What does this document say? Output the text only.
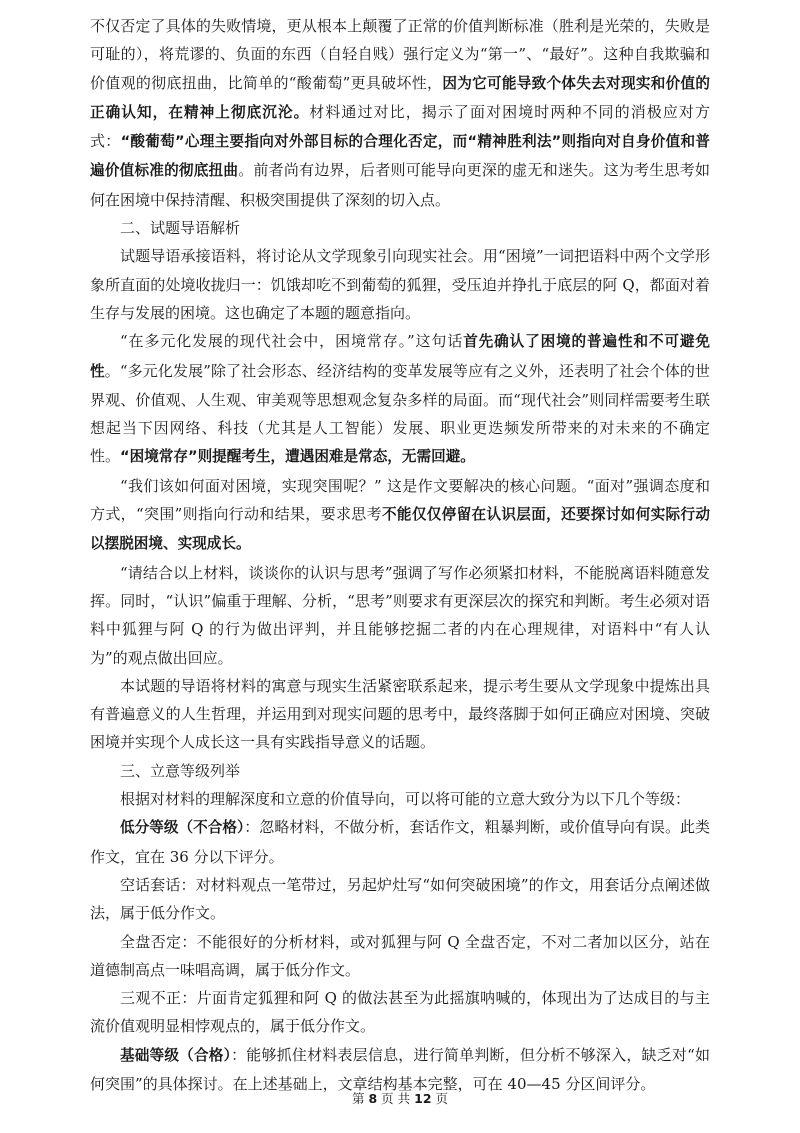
不仅否定了具体的失败情境，更从根本上颠覆了正常的价值判断标准（胜利是光荣的，失败是可耻的），将荒谬的、负面的东西（自轻自贱）强行定义为“第一”、“最好”。这种自我欺骗和价值观的彻底扭曲，比简单的“酸葡萄”更具破坏性，因为它可能导致个体失去对现实和价值的正确认知，在精神上彻底沉沦。材料通过对比，揭示了面对困境时两种不同的消极应对方式：“酸葡萄”心理主要指向对外部目标的合理化否定，而“精神胜利法”则指向对自身价值和普遍价值标准的彻底扭曲。前者尚有边界，后者则可能导向更深的虚无和迷失。这为考生思考如何在困境中保持清醒、积极突围提供了深刻的切入点。

二、试题导语解析

试题导语承接语料，将讨论从文学现象引向现实社会。用“困境”一词把语料中两个文学形象所直面的处境收拢归一：饥饿却吃不到葡萄的狐狸，受压迫并挣扎于底层的阿 Q，都面对着生存与发展的困境。这也确定了本题的题意指向。

“在多元化发展的现代社会中，困境常存。”这句话首先确认了困境的普遍性和不可避免性。“多元化发展”除了社会形态、经济结构的变革发展等应有之义外，还表明了社会个体的世界观、价值观、人生观、审美观等思想观念复杂多样的局面。而“现代社会”则同样需要考生联想起当下因网络、科技（尤其是人工智能）发展、职业更迭频发所带来的对未来的不确定性。“困境常存”则提醒考生，遭遇困难是常态，无需回避。

“我们该如何面对困境，实现突围呢？” 这是作文要解决的核心问题。“面对”强调态度和方式，“突围”则指向行动和结果，要求思考不能仅仅停留在认识层面，还要探讨如何实际行动以摆脱困境、实现成长。

“请结合以上材料，谈谈你的认识与思考”强调了写作必须紧扣材料，不能脱离语料随意发挥。同时，“认识”偏重于理解、分析，“思考”则要求有更深层次的探究和判断。考生必须对语料中狐狸与阿 Q 的行为做出评判，并且能够挖掘二者的内在心理规律，对语料中“有人认为”的观点做出回应。

本试题的导语将材料的寓意与现实生活紧密联系起来，提示考生要从文学现象中提炼出具有普遍意义的人生哲理，并运用到对现实问题的思考中，最终落脚于如何正确应对困境、突破困境并实现个人成长这一具有实践指导意义的话题。

三、立意等级列举

根据对材料的理解深度和立意的价值导向，可以将可能的立意大致分为以下几个等级：

低分等级（不合格）：忽略材料，不做分析，套话作文，粗暴判断，或价值导向有误。此类作文，宜在 36 分以下评分。

空话套话：对材料观点一笔带过，另起炉灶写“如何突破困境”的作文，用套话分点阐述做法，属于低分作文。

全盘否定：不能很好的分析材料，或对狐狸与阿 Q 全盘否定，不对二者加以区分，站在道德制高点一味唱高调，属于低分作文。

三观不正：片面肯定狐狸和阿 Q 的做法甚至为此摇旗呐喊的，体现出为了达成目的与主流价值观明显相悖观点的，属于低分作文。

基础等级（合格）：能够抓住材料表层信息，进行简单判断，但分析不够深入，缺乏对“如何突围”的具体探讨。在上述基础上，文章结构基本完整，可在 40—45 分区间评分。

第 8 页 共 12 页
